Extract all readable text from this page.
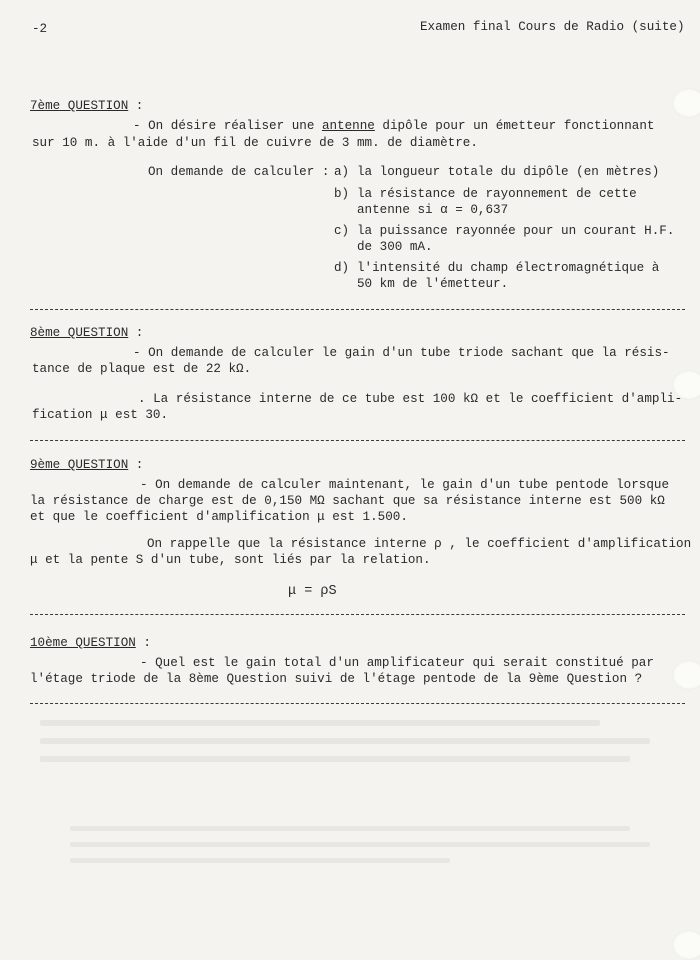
-2	Examen final Cours de Radio (suite)
7ème QUESTION :
- On désire réaliser une antenne dipôle pour un émetteur fonctionnant
sur 10 m. à l'aide d'un fil de cuivre de 3 mm. de diamètre.
On demande de calculer : a) la longueur totale du dipôle (en mètres)
b) la résistance de rayonnement de cette
antenne si α = 0,637
c) la puissance rayonnée pour un courant H.F.
de 300 mA.
d) l'intensité du champ électromagnétique à
50 km de l'émetteur.
8ème QUESTION :
- On demande de calculer le gain d'un tube triode sachant que la résis-
tance de plaque est de 22 kΩ.
. La résistance interne de ce tube est 100 kΩ et le coefficient d'ampli-
fication μ est 30.
9ème QUESTION :
- On demande de calculer maintenant, le gain d'un tube pentode lorsque
la résistance de charge est de 0,150 MΩ sachant que sa résistance interne est 500 kΩ
et que le coefficient d'amplification μ est 1.500.
On rappelle que la résistance interne ρ , le coefficient d'amplification
μ et la pente S d'un tube, sont liés par la relation.
μ = ρS
10ème QUESTION :
- Quel est le gain total d'un amplificateur qui serait constitué par
l'étage triode de la 8ème Question suivi de l'étage pentode de la 9ème Question ?
